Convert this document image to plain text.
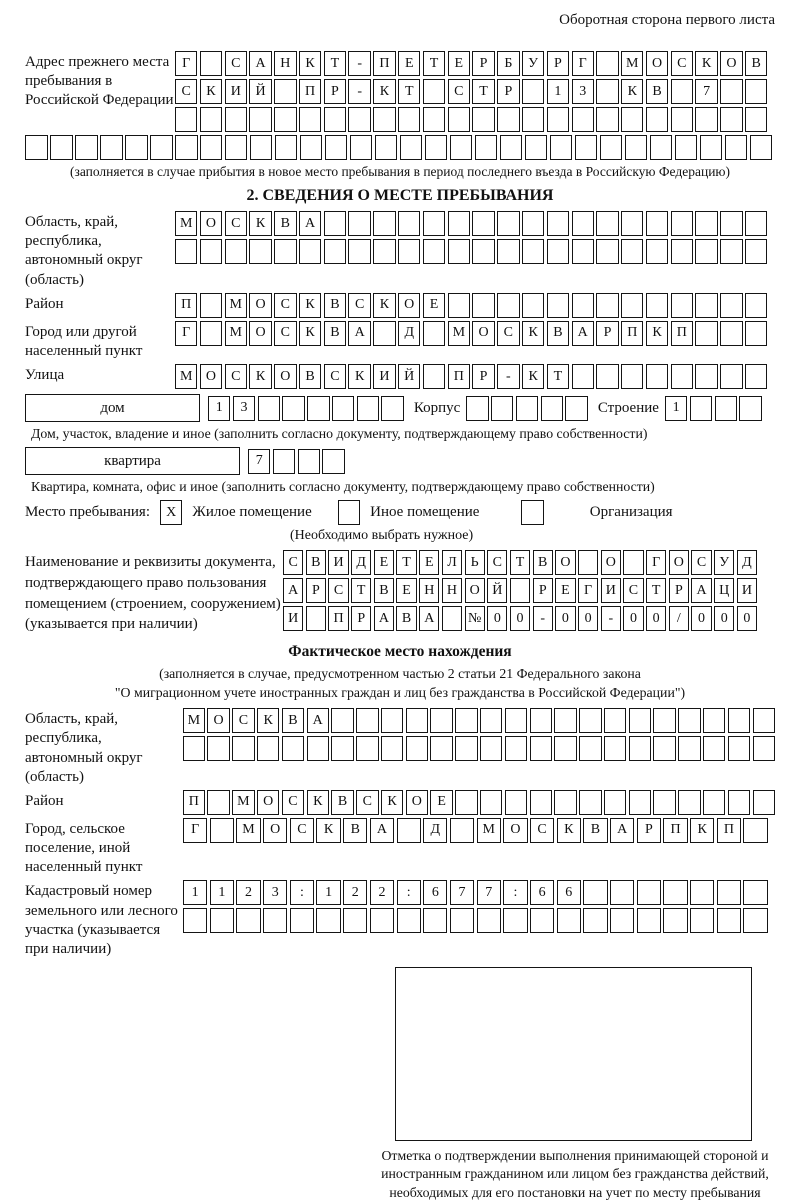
Оборотная сторона первого листа
Адрес прежнего места пребывания в Российской Федерации
Г	С	А	Н	К	Т	-	П	Е	Т	Е	Р	Б	У	Р	Г	М О	С	К	О	В
С	К	И	Й	П	Р	-	К	Т	С	Т	Р	1	3	К	В	7
(заполняется в случае прибытия в новое место пребывания в период последнего въезда в Российскую Федерацию)
2. СВЕДЕНИЯ О МЕСТЕ ПРЕБЫВАНИЯ
Область, край, республика, автономный округ (область)
М О	С	К	В	А
Район	П	М О	С	К	В	С	К	О	Е
Город или другой населенный пункт
Г	М О	С	К	В	А	Д	М О	С	К	В	А	Р	П	К	П
Улица	М О	С	К	О	В	С	К	И	Й	П	Р	-	К	Т
дом	1	3	Корпус	Строение 1
Дом, участок, владение и иное (заполнить согласно документу, подтверждающему право собственности)
квартира	7
Квартира, комната, офис и иное (заполнить согласно документу, подтверждающему право собственности)
Место пребывания:	X	Жилое помещение	Иное помещение	Организация
(Необходимо выбрать нужное)
Наименование и реквизиты документа, подтверждающего право пользования помещением (строением, сооружением) (указывается при наличии)
С В И Д Е	Т	Е Л Ь С Т В О	О	Г О С У Д
А Р	С Т В Е Н Н О Й	Р	Е	Г И С Т	Р А Ц И
И	П Р А В А	№ 0	0	-	0	0	-	0	0	/	0	0	0
Фактическое место нахождения
(заполняется в случае, предусмотренном частью 2 статьи 21 Федерального закона
"О миграционном учете иностранных граждан и лиц без гражданства в Российской Федерации")
Область, край, республика, автономный округ (область)
М О	С	К	В	А
Район	П	М О	С	К	В	С	К	О	Е
Город, сельское поселение, иной населенный пункт
Г	М	О	С	К	В	А	Д	М	О	С	К	В	А	Р	П	К	П
Кадастровый номер земельного или лесного участка (указывается при наличии)
1	1	2	3	:	1	2	2	:	6	7	7	:	6	6
Отметка о подтверждении выполнения принимающей стороной и иностранным гражданином или лицом без гражданства действий, необходимых для его постановки на учет по месту пребывания
